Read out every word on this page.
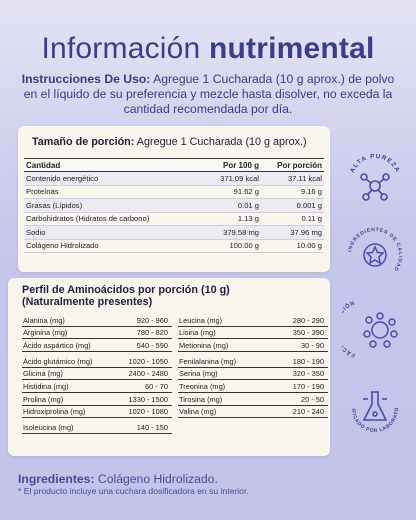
Información nutrimental
Instrucciones De Uso: Agregue 1 Cucharada (10 g aprox.) de polvo en el líquido de su preferencia y mezcle hasta disolver, no exceda la cantidad recomendada por día.
Tamaño de porción: Agregue 1 Cucharada (10 g aprox.)
Cantidad	Por 100 g	Por porción
Contenido energético	371.09 kcal	37.11 kcal
Proteínas	91.62 g	9.16 g
Grasas (Lípidos)	0.01 g	0.001 g
Carbohidratos (Hidratos de carbono)	1.13 g	0.11 g
Sodio	379.58 mg	37.96 mg
Colágeno Hidrolizado	100.00 g	10.00 g
Perfil de Aminoácidos por porción (10 g)
(Naturalmente presentes)
Alanina (mg)	920 - 960
Arginina (mg)	780 - 820
Ácido aspártico (mg)	540 - 590
Ácido glutámico (mg)	1020 - 1050
Glicina (mg)	2400 - 2480
Histidina (mg)	60 - 70
Prolina (mg)	1330 - 1500
Hidroxiprolina (mg)	1020 - 1080
Isoleucina (mg)	140 - 150
Leucina (mg)	280 - 290
Lisina (mg)	350 - 390
Metionina (mg)	30 - 90
Fenilalanina (mg)	180 - 190
Serina (mg)	320 - 350
Treonina (mg)	170 - 190
Tirosina (mg)	20 - 50
Valina (mg)	210 - 240
Ingredientes: Colágeno Hidrolizado.
* El producto incluye una cuchara dosificadora en su interior.
ALTA PUREZA
INGREDIENTES DE CALIDAD
FÁ IÓN
IFICADO POR LABORATO
